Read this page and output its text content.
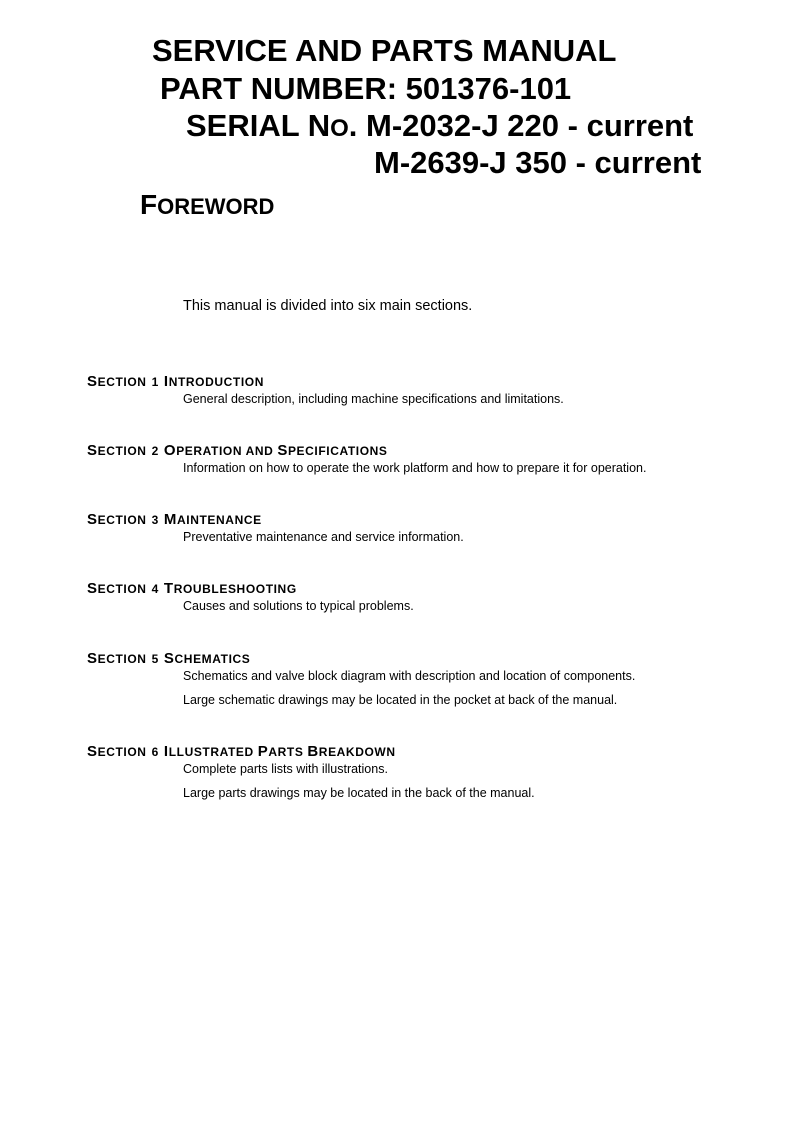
SERVICE AND PARTS MANUAL
PART NUMBER: 501376-101
SERIAL NO. M-2032-J 220 - current
M-2639-J 350 - current
FOREWORD
This manual is divided into six main sections.
SECTION 1 INTRODUCTION
General description, including machine specifications and limitations.
SECTION 2 OPERATION AND SPECIFICATIONS
Information on how to operate the work platform and how to prepare it for operation.
SECTION 3 MAINTENANCE
Preventative maintenance and service information.
SECTION 4 TROUBLESHOOTING
Causes and solutions to typical problems.
SECTION 5 SCHEMATICS
Schematics and valve block diagram with description and location of components.
Large schematic drawings may be located in the pocket at back of the manual.
SECTION 6 ILLUSTRATED PARTS BREAKDOWN
Complete parts lists with illustrations.
Large parts drawings may be located in the back of the manual.
